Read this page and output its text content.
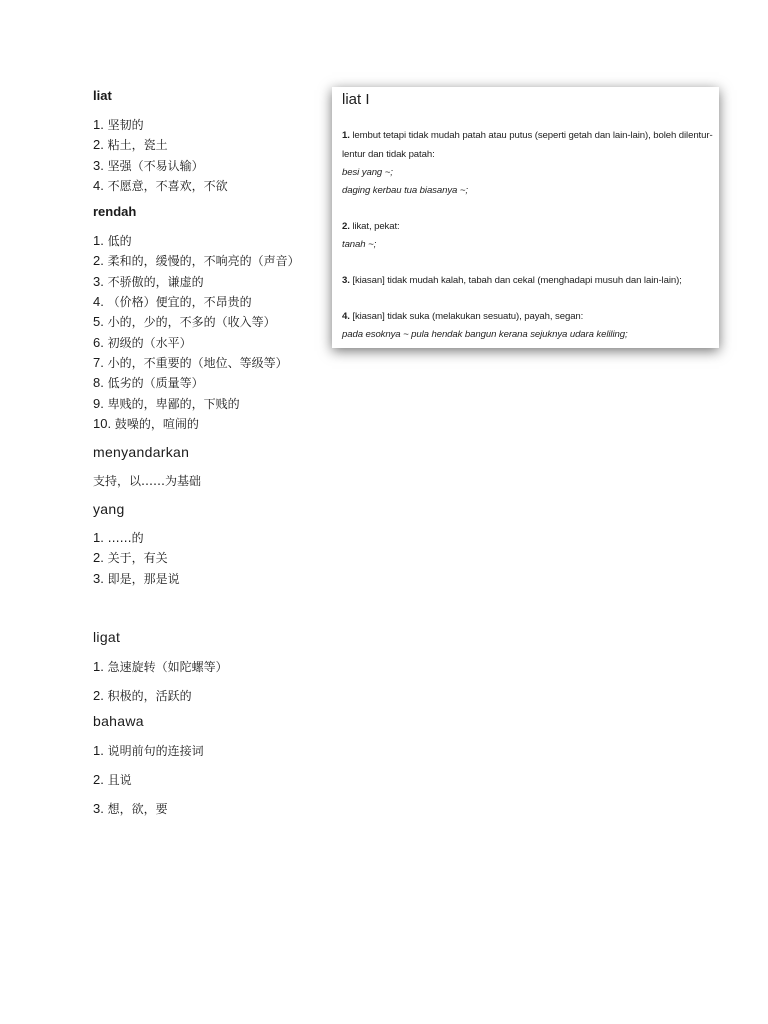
liat

1. 坚韧的
2. 粘土，瓷土
3. 坚强（不易认输）
4. 不愿意，不喜欢，不欲

rendah

1. 低的
2. 柔和的，缓慢的，不响亮的（声音）
3. 不骄傲的，谦虚的
4. （价格）便宜的，不昂贵的
5. 小的，少的，不多的（收入等）
6. 初级的（水平）
7. 小的，不重要的（地位、等级等）
8. 低劣的（质量等）
9. 卑贱的，卑鄙的，下贱的
10. 鼓噪的，喧闹的

menyandarkan

支持，以……为基础

yang

1. ……的
2. 关于，有关
3. 即是，那是说

ligat

1. 急速旋转（如陀螺等）
2. 积极的，活跃的

bahawa

1. 说明前句的连接词
2. 且说
3. 想，欲，要
liat I
1. lembut tetapi tidak mudah patah atau putus (seperti getah dan lain-lain), boleh dilentur-
lentur dan tidak patah:
besi yang ~;
daging kerbau tua biasanya ~;
2. likat, pekat:
tanah ~;
3. [kiasan] tidak mudah kalah, tabah dan cekal (menghadapi musuh dan lain-lain);
4. [kiasan] tidak suka (melakukan sesuatu), payah, segan:
pada esoknya ~ pula hendak bangun kerana sejuknya udara keliling;
